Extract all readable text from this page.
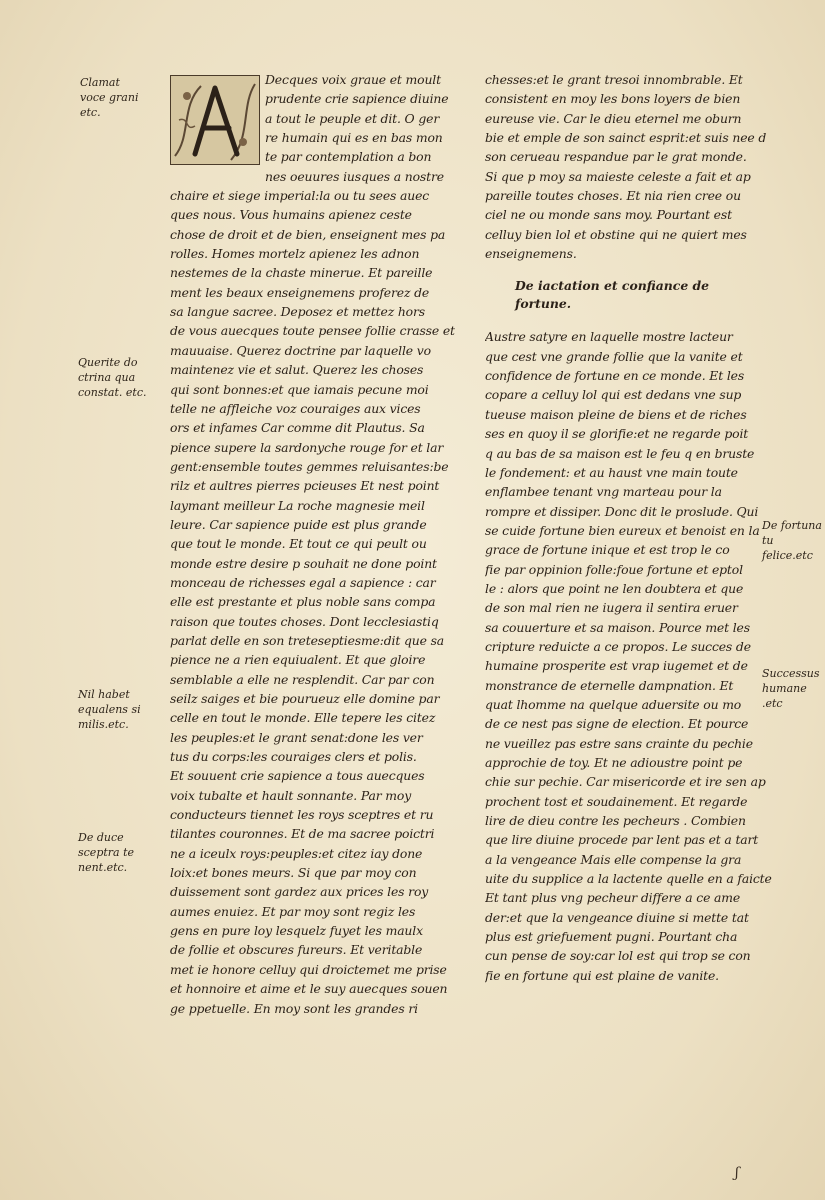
Clamat
voce grani
etc.
Querite do
ctrina qua
constat. etc.
Nil habet
equalens si
milis.etc.
De duce
sceptra te
nent.etc.
De fortuna
tu felice.etc
Successus
humane .etc
Decques voix graue et moult
prudente crie sapience diuine
a tout le peuple et dit. O ger
re humain qui es en bas mon
te par contemplation a bon
nes oeuures iusques a nostre
chaire et siege imperial:la ou tu sees auec
ques nous. Vous humains apienez ceste
chose de droit et de bien, enseignent mes pa
rolles. Homes mortelz apienez les adnon
nestemes de la chaste minerue. Et pareille
ment les beaux enseignemens proferez de
sa langue sacree. Deposez et mettez hors
de vous auecques toute pensee follie crasse et
mauuaise. Querez doctrine par laquelle vo
maintenez vie et salut. Querez les choses
qui sont bonnes:et que iamais pecune moi
telle ne affleiche voz couraiges aux vices
ors et infames Car comme dit Plautus. Sa
pience supere la sardonyche rouge for et lar
gent:ensemble toutes gemmes reluisantes:be
rilz et aultres pierres pcieuses Et nest point
laymant meilleur La roche magnesie meil
leure. Car sapience puide est plus grande
que tout le monde. Et tout ce qui peult ou
monde estre desire p souhait ne done point
monceau de richesses egal a sapience : car
elle est prestante et plus noble sans compa
raison que toutes choses. Dont lecclesiastiq
parlat delle en son treteseptiesme:dit que sa
pience ne a rien equiualent. Et que gloire
semblable a elle ne resplendit. Car par con
seilz saiges et bie pourueuz elle domine par
celle en tout le monde. Elle tepere les citez
les peuples:et le grant senat:done les ver
tus du corps:les couraiges clers et polis.
Et souuent crie sapience a tous auecques
voix tubalte et hault sonnante. Par moy
conducteurs tiennet les roys sceptres et ru
tilantes couronnes. Et de ma sacree poictri
ne a iceulx roys:peuples:et citez iay done
loix:et bones meurs. Si que par moy con
duissement sont gardez aux prices les roy
aumes enuiez. Et par moy sont regiz les
gens en pure loy lesquelz fuyet les maulx
de follie et obscures fureurs. Et veritable
met ie honore celluy qui droictemet me prise
et honnoire et aime et le suy auecques souen
ge ppetuelle. En moy sont les grandes ri
chesses:et le grant tresoi innombrable. Et
consistent en moy les bons loyers de bien
eureuse vie. Car le dieu eternel me oburn
bie et emple de son sainct esprit:et suis nee d
son cerueau respandue par le grat monde.
Si que p moy sa maieste celeste a fait et ap
pareille toutes choses. Et nia rien cree ou
ciel ne ou monde sans moy. Pourtant est
celluy bien lol et obstine qui ne quiert mes
enseignemens.
De iactation et confiance de
fortune.
Austre satyre en laquelle mostre lacteur
que cest vne grande follie que la vanite et
confidence de fortune en ce monde. Et les
copare a celluy lol qui est dedans vne sup
tueuse maison pleine de biens et de riches
ses en quoy il se glorifie:et ne regarde poit
q au bas de sa maison est le feu q en bruste
le fondement: et au haust vne main toute
enflambee tenant vng marteau pour la
rompre et dissiper. Donc dit le proslude. Qui
se cuide fortune bien eureux et benoist en la
grace de fortune inique et est trop le co
fie par oppinion folle:foue fortune et eptol
le : alors que point ne len doubtera et que
de son mal rien ne iugera il sentira eruer
sa couuerture et sa maison. Pource met les
cripture reduicte a ce propos. Le succes de
humaine prosperite est vrap iugemet et de
monstrance de eternelle dampnation. Et
quat lhomme na quelque aduersite ou mo
de ce nest pas signe de election. Et pource
ne vueillez pas estre sans crainte du pechie
approchie de toy. Et ne adioustre point pe
chie sur pechie. Car misericorde et ire sen ap
prochent tost et soudainement. Et regarde
lire de dieu contre les pecheurs . Combien
que lire diuine procede par lent pas et a tart
a la vengeance Mais elle compense la gra
uite du supplice a la lactente quelle en a faicte
Et tant plus vng pecheur differe a ce ame
der:et que la vengeance diuine si mette tat
plus est griefuement pugni. Pourtant cha
cun pense de soy:car lol est qui trop se con
fie en fortune qui est plaine de vanite.
ʃ
